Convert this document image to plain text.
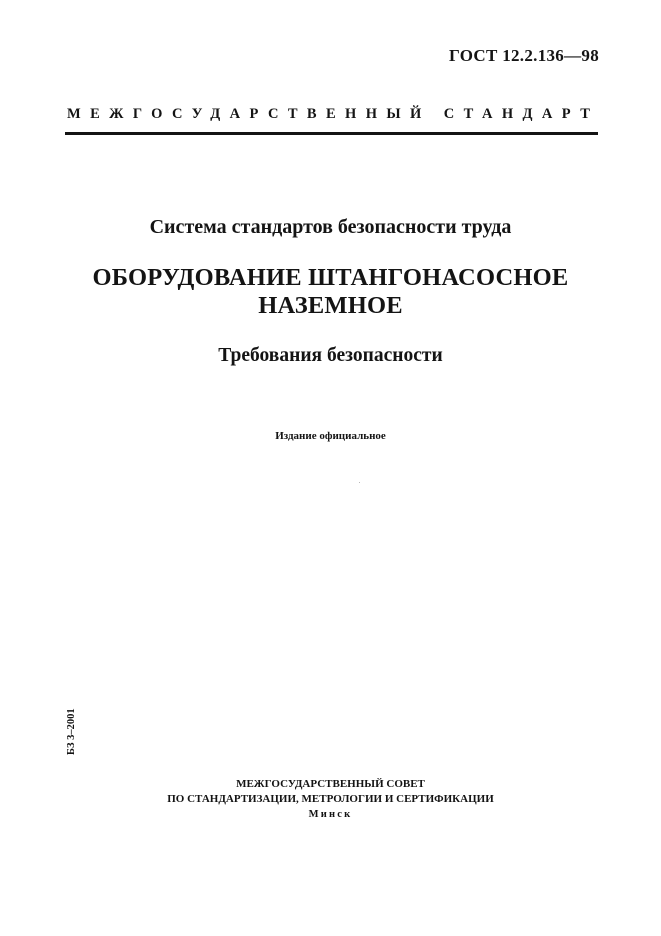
ГОСТ 12.2.136—98
МЕЖГОСУДАРСТВЕННЫЙ СТАНДАРТ
Система стандартов безопасности труда
ОБОРУДОВАНИЕ ШТАНГОНАСОСНОЕ
НАЗЕМНОЕ
Требования безопасности
Издание официальное
БЗ 3–2001
МЕЖГОСУДАРСТВЕННЫЙ СОВЕТ
ПО СТАНДАРТИЗАЦИИ, МЕТРОЛОГИИ И СЕРТИФИКАЦИИ
Минск
